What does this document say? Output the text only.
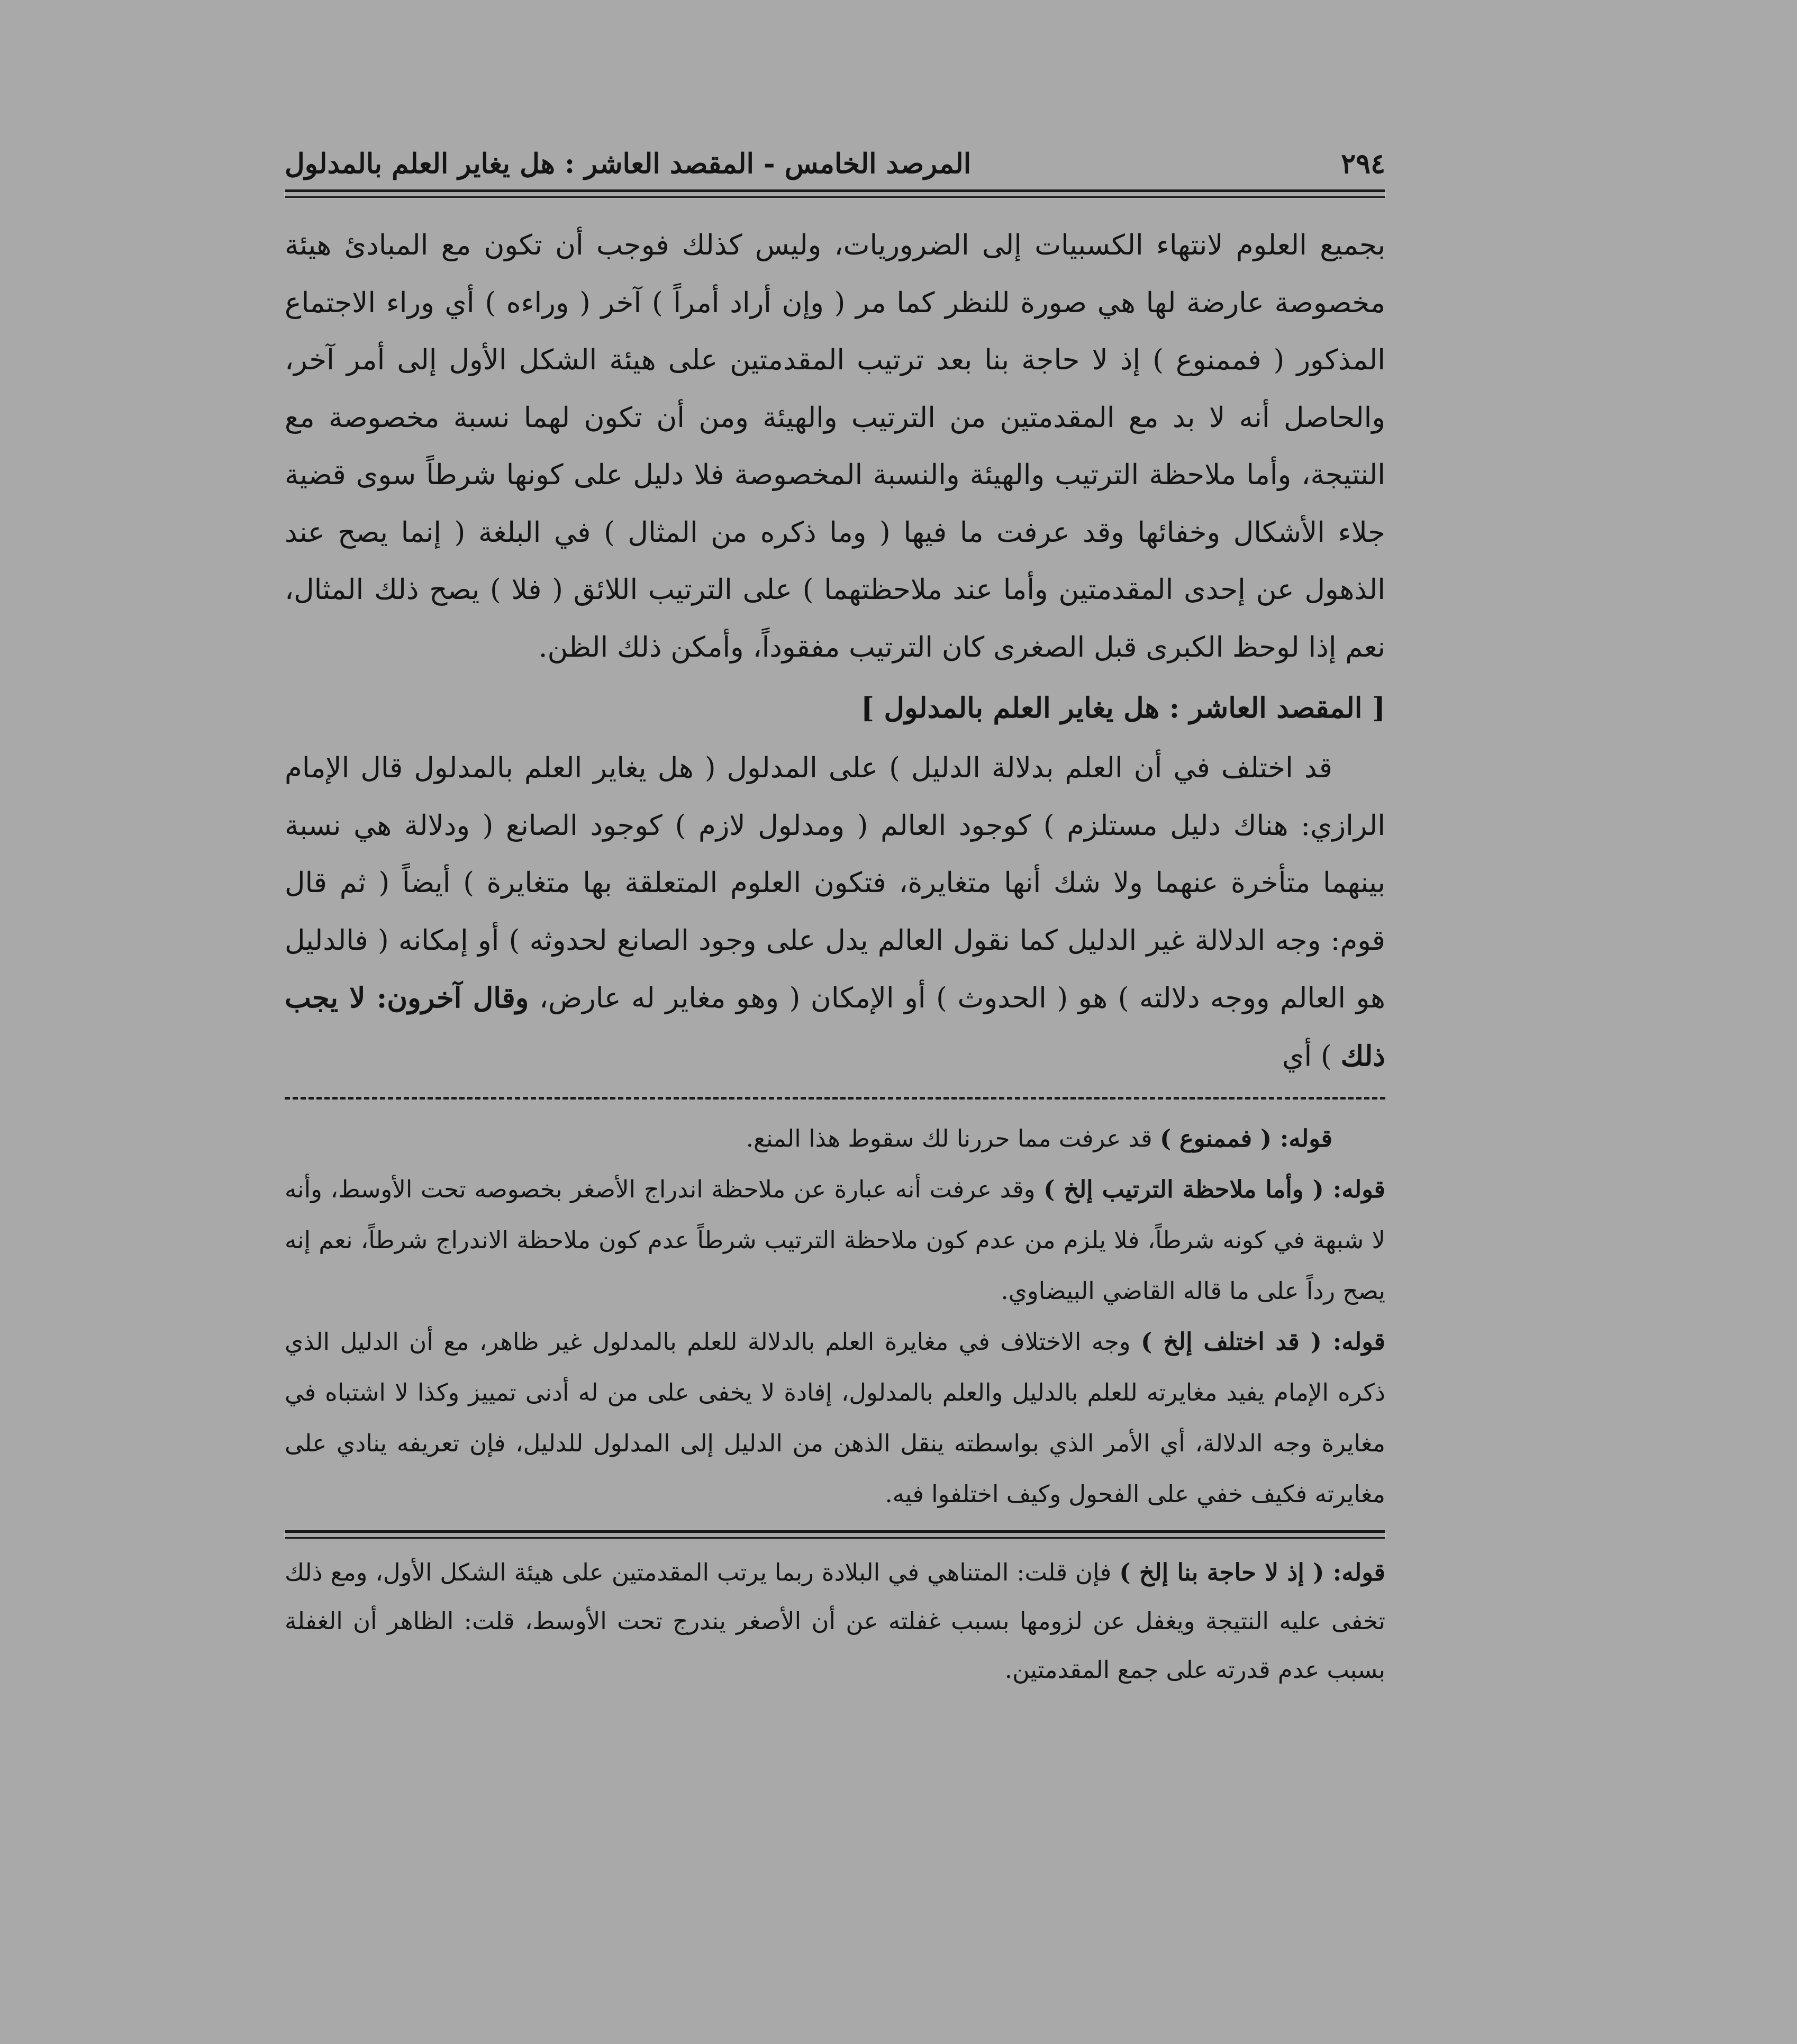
٢٩٤
المرصد الخامس - المقصد العاشر : هل يغاير العلم بالمدلول

بجميع العلوم لانتهاء الكسبيات إلى الضروريات، وليس كذلك فوجب أن تكون مع المبادئ هيئة مخصوصة عارضة لها هي صورة للنظر كما مر ( وإن أراد أمراً ) آخر ( وراءه ) أي وراء الاجتماع المذكور ( فممنوع ) إذ لا حاجة بنا بعد ترتيب المقدمتين على هيئة الشكل الأول إلى أمر آخر، والحاصل أنه لا بد مع المقدمتين من الترتيب والهيئة ومن أن تكون لهما نسبة مخصوصة مع النتيجة، وأما ملاحظة الترتيب والهيئة والنسبة المخصوصة فلا دليل على كونها شرطاً سوى قضية جلاء الأشكال وخفائها وقد عرفت ما فيها ( وما ذكره من المثال ) في البلغة ( إنما يصح عند الذهول عن إحدى المقدمتين وأما عند ملاحظتهما ) على الترتيب اللائق ( فلا ) يصح ذلك المثال، نعم إذا لوحظ الكبرى قبل الصغرى كان الترتيب مفقوداً، وأمكن ذلك الظن.

[ المقصد العاشر : هل يغاير العلم بالمدلول ]

قد اختلف في أن العلم بدلالة الدليل ) على المدلول ( هل يغاير العلم بالمدلول قال الإمام الرازي: هناك دليل مستلزم ) كوجود العالم ( ومدلول لازم ) كوجود الصانع ( ودلالة هي نسبة بينهما متأخرة عنهما ولا شك أنها متغايرة، فتكون العلوم المتعلقة بها متغايرة ) أيضاً ( ثم قال قوم: وجه الدلالة غير الدليل كما نقول العالم يدل على وجود الصانع لحدوثه ) أو إمكانه ( فالدليل هو العالم ووجه دلالته ) هو ( الحدوث ) أو الإمكان ( وهو مغاير له عارض، وقال آخرون: لا يجب ذلك ) أي

قوله: ( فممنوع ) قد عرفت مما حررنا لك سقوط هذا المنع.

قوله: ( وأما ملاحظة الترتيب إلخ ) وقد عرفت أنه عبارة عن ملاحظة اندراج الأصغر بخصوصه تحت الأوسط، وأنه لا شبهة في كونه شرطاً، فلا يلزم من عدم كون ملاحظة الترتيب شرطاً عدم كون ملاحظة الاندراج شرطاً، نعم إنه يصح رداً على ما قاله القاضي البيضاوي.

قوله: ( قد اختلف إلخ ) وجه الاختلاف في مغايرة العلم بالدلالة للعلم بالمدلول غير ظاهر، مع أن الدليل الذي ذكره الإمام يفيد مغايرته للعلم بالدليل والعلم بالمدلول، إفادة لا يخفى على من له أدنى تمييز وكذا لا اشتباه في مغايرة وجه الدلالة، أي الأمر الذي بواسطته ينقل الذهن من الدليل إلى المدلول للدليل، فإن تعريفه ينادي على مغايرته فكيف خفي على الفحول وكيف اختلفوا فيه.

قوله: ( إذ لا حاجة بنا إلخ ) فإن قلت: المتناهي في البلادة ربما يرتب المقدمتين على هيئة الشكل الأول، ومع ذلك تخفى عليه النتيجة ويغفل عن لزومها بسبب غفلته عن أن الأصغر يندرج تحت الأوسط، قلت: الظاهر أن الغفلة بسبب عدم قدرته على جمع المقدمتين.
